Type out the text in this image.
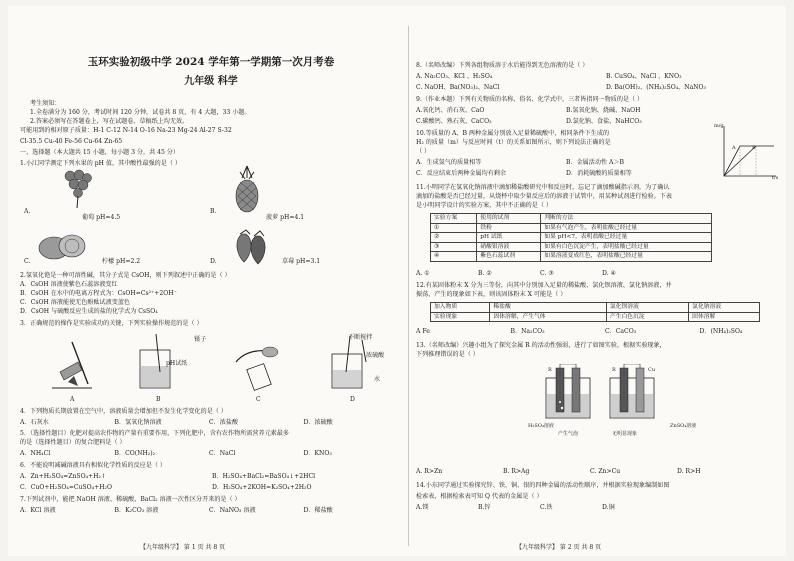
玉环实验初级中学 2024 学年第一学期第一次月考卷
九年级 科学
考生须知：
1.全卷满分为 160 分，考试时间 120 分钟，试卷共 8 页，有 4 大题，33 小题。
2.答案必须写在答题卷上，写在试题卷、草稿纸上均无效。
可能用到的相对原子质量：H-1 C-12 N-14 O-16 Na-23 Mg-24 Al-27 S-32
Cl-35.5 Cu-40 Fe-56 Cu-64 Zn-65
一、选择题（本大题共 15 小题，每小题 3 分，共 45 分）
1.小江同学测定下列水果的 pH 值，其中酸性最强的是（ ）
A.
葡萄 pH=4.5
B.
菠萝 pH=4.1
C.	柠檬 pH=2.2	D.	草莓 pH=3.1
2.氢氧化铯是一种可溶性碱，其分子式是 CsOH，则下列叙述中正确的是（ ）
A．CsOH 溶液使紫色石蕊溶液变红
B．CsOH 在水中的电离方程式为：CsOH=Cs²⁺+2OH⁻
C．CsOH 溶液能使无色酚酞试液变蓝色
D．CsOH 与硫酸反应生成的盐的化学式为 CsSO₄
3．正确规范的操作是实验成功的关键，下列实验操作规范的是（ ）
镊子
pH试纸
不断搅拌
浓硫酸
水
A	B	C	D
4．下列物质长期放置在空气中，溶液质量会增加但不发生化学变化的是（ ）
A．石灰水	B．氢氧化钠溶液	C．浓盐酸	D．浓硫酸
5．（选择性题目）化肥对提高农作物的产量有重要作用，下列化肥中，含有农作物所需营养元素最多
的是（选择性题目）的复合肥料是（ ）
A．NH₄Cl	B．CO(NH₂)₂	C．NaCl	D．KNO₃
6．不能说明减碱溶液具有相似化学性质的反应是（ ）
A．Zn+H₂SO₄=ZnSO₄+H₂↑	B．H₂SO₄+BaCl₂=BaSO₄↓+2HCl
C．CuO+H₂SO₄=CuSO₄+H₂O	D．H₂SO₄+2KOH=K₂SO₄+2H₂O
7.下列试剂中，能把 NaOH 溶液、稀硫酸、BaCl₂ 溶液一次性区分开来的是（ ）
A．KCl 溶液	B．K₂CO₃ 溶液	C．NaNO₃ 溶液	D．稀盐酸
【九年级科学】 第 1 页 共 8 页
8.（名师改编）下列各组物质溶于水后能得到无色溶液的是（ ）
A. Na₂CO₃、KCl 、H₂SO₄	B. CuSO₄、NaCl 、KNO₃
C. NaOH、Ba(NO₃)₂、NaCl	D. Ba(OH)₂、(NH₄)₂SO₄、NaNO₃
9.（作业本题）下列有关物质的名称、俗名、化学式中，三者皆指同一物质的是（ ）
A.氧化钙、消石灰、CaO	B.氢氧化钠、烧碱、NaOH
C.碳酸钙、熟石灰、CaCO₃	D.氯化钠、食盐、NaHCO₃
10.等质量的 A、B 两种金属分别放入足量稀硫酸中，相同条件下生成的
H₂ 的质量（m）与反应时间（t）的关系如图所示，则下列说法正确的是
（ ）
A．生成氢气的质量相等	B．金属活动性 A＞B
C．反应结束后两种金属均有剩余	D．消耗硫酸的质量相等
m/g
t/s
A	B
11.小明同学在氢氧化钠溶液中滴加稀盐酸研究中和反应时，忘记了滴加酸碱指示剂，为了确认
滴加的盐酸是否已经过量，从烧杯中取少量反应后的溶液于试管中，用某种试剂进行检验。下表
是小明同学设计的实验方案，其中不正确的是（ ）
实验方案	使用的试剂	判断的方法
①	铁粉	如果有气泡产生，表明盐酸已经过量
②	pH 试纸	如果 pH<7，表明盐酸已经过量
③	硝酸银溶液	如果有白色沉淀产生，表明盐酸已经过量
④	紫色石蕊试剂	如果溶液变成红色，表明盐酸已经过量
A. ①	B. ②	C. ③	D. ④
12.有某固体粉末 X 分为三等份，向其中分别加入足量的稀盐酸、氯化钡溶液、氯化钠溶液，并
振荡，产生的现象如下表，则该固体粉末 X 可能是（ ）
加入物质	稀盐酸	氯化钡溶液	氯化钠溶液
实验现象	固体溶解，产生气体	产生白色沉淀	固体溶解
A Fe	B．Na₂CO₃	C．CaCO₃	D．(NH₄)₂SO₄
13.（名师改编）兴趣小组为了探究金属 R 的活动性强弱，进行了如图实验，根据实验现象，
下列推理错误的是（ ）
R	R	Cu
H₂SO₄溶液
产生气泡	无明显现象
ZnSO₄溶液
A. R>Zn	B. R>Ag	C. Zn>Cu	D. R>H
14.小东同学通过实验探究锌、铁、铜、银的四种金属的活动性顺序，并根据实验现象编制如图
检索表，根据检索表可知 Q 代表的金属是（ ）
A.镁	B.锌	C.铁	D.铜
【九年级科学】 第 2 页 共 8 页
